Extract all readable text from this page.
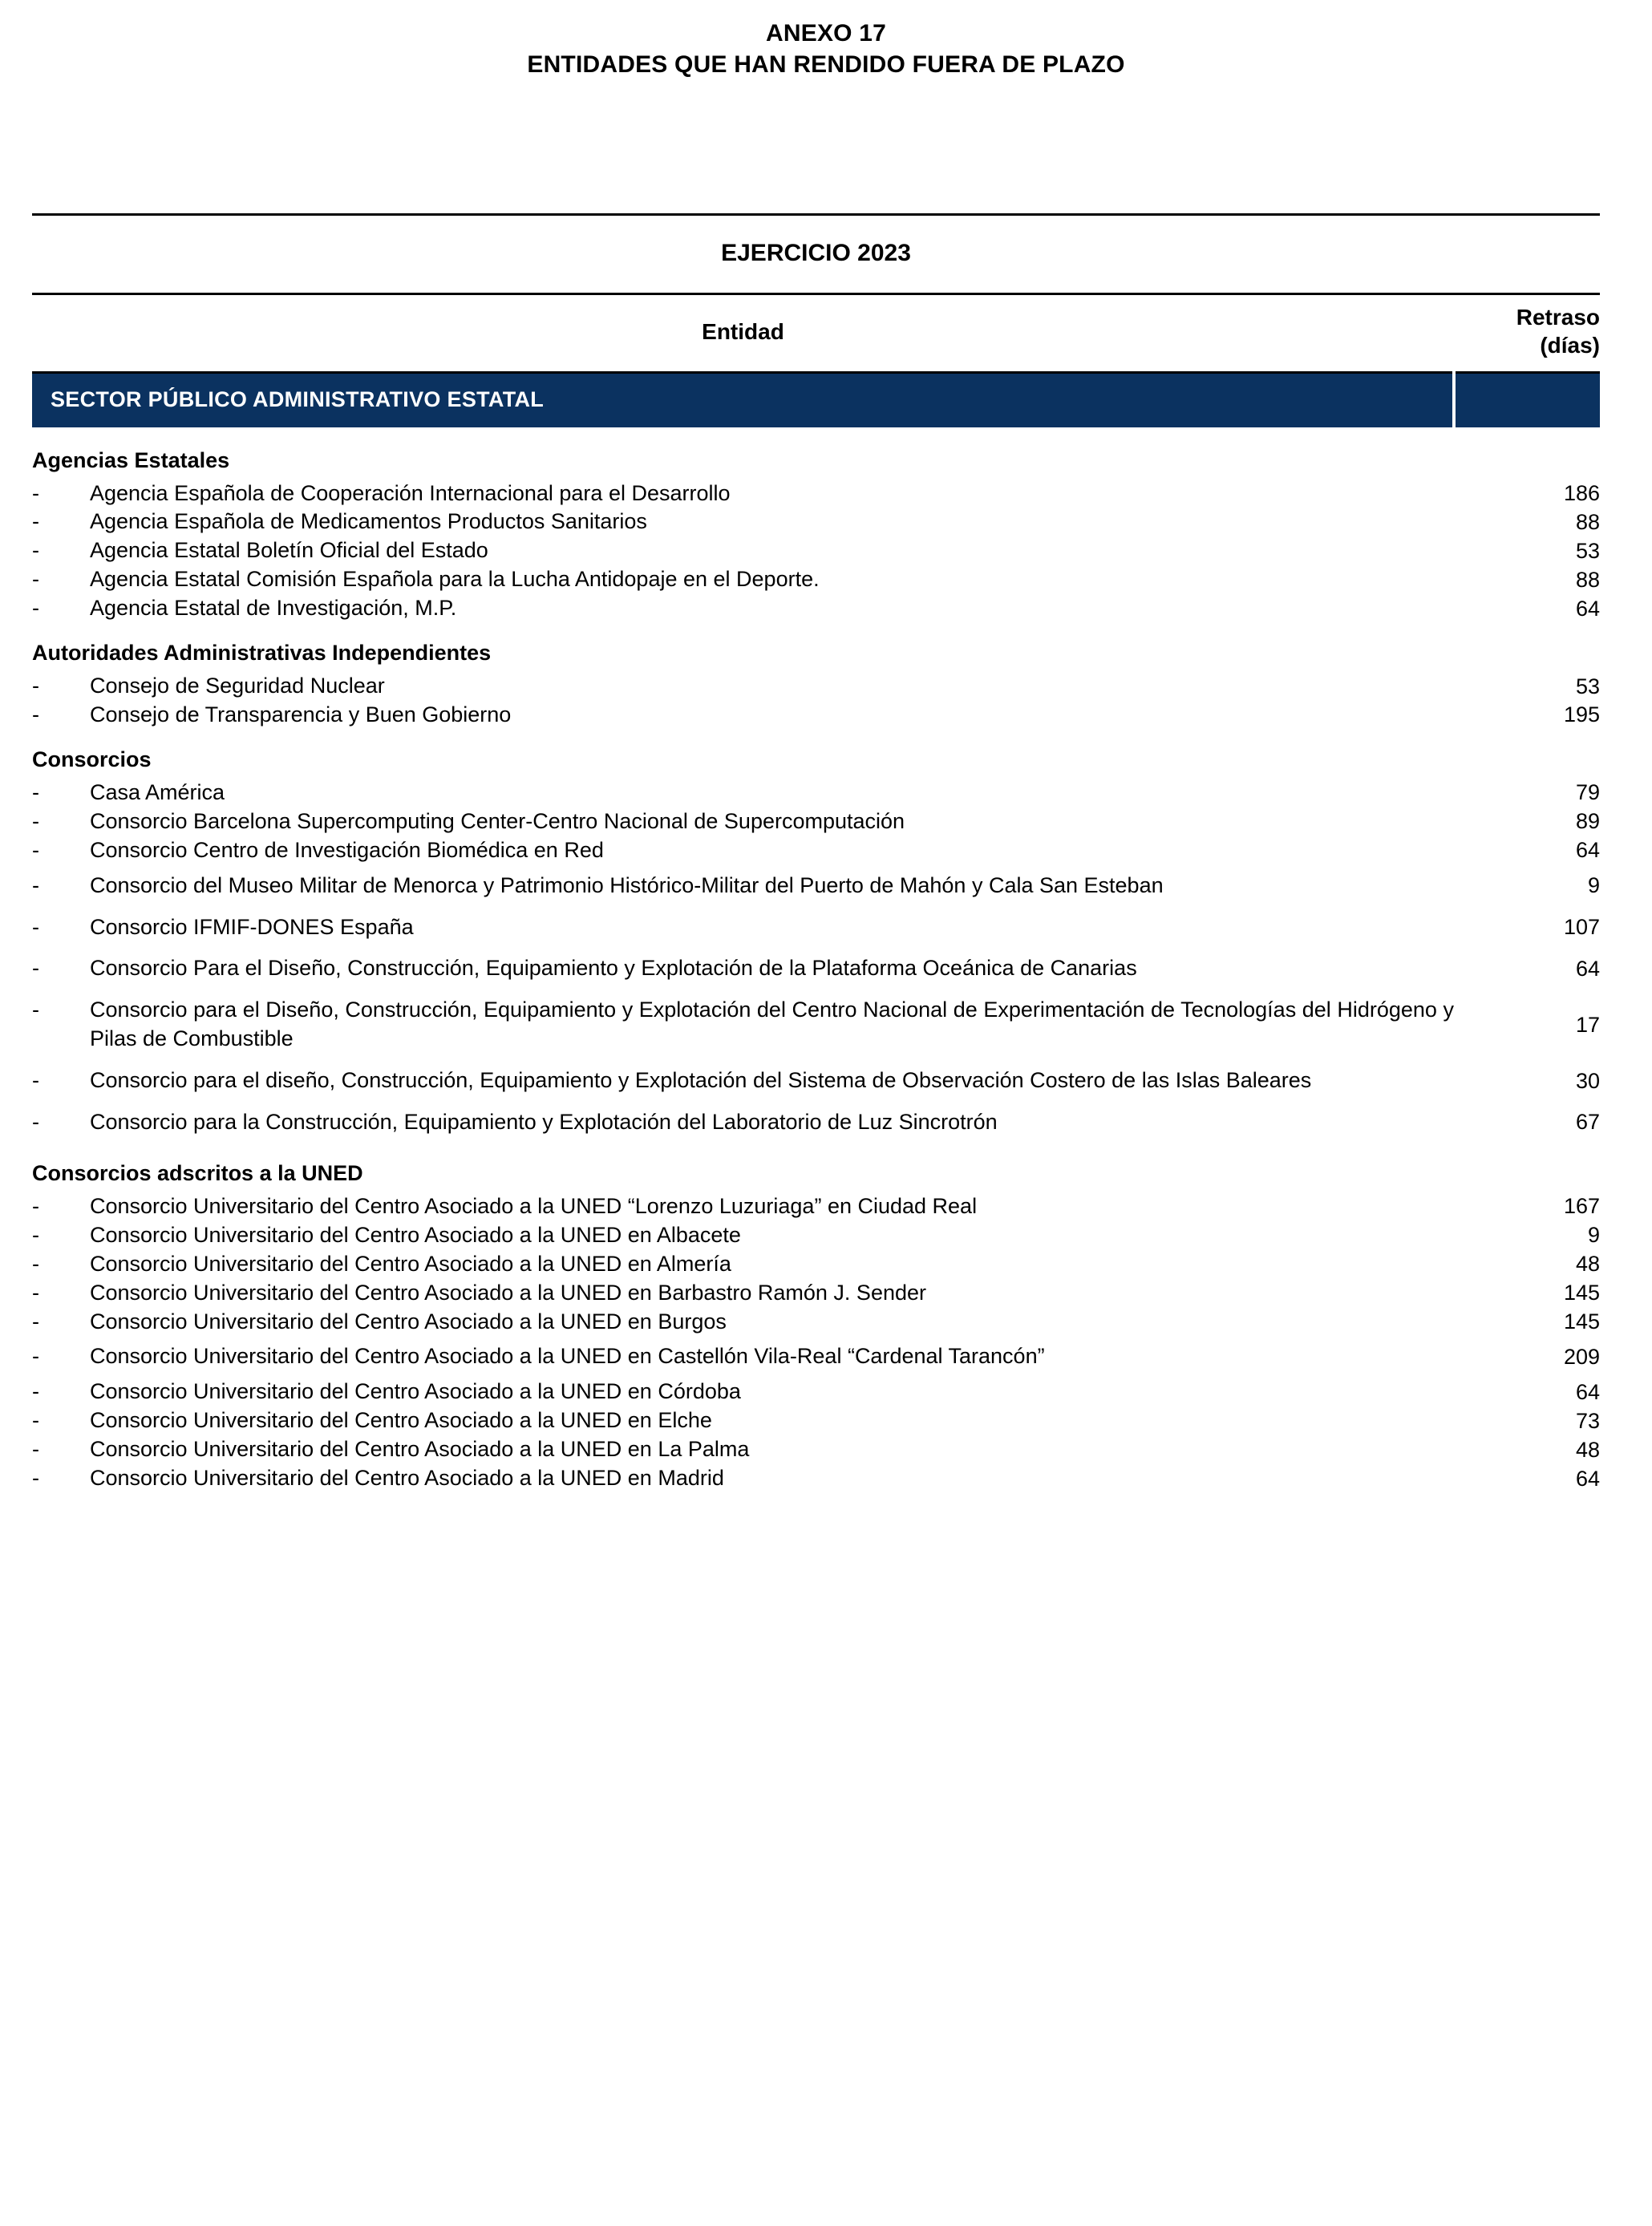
ANEXO 17
ENTIDADES QUE HAN RENDIDO FUERA DE PLAZO
EJERCICIO 2023
Entidad	Retraso
(días)

SECTOR PÚBLICO ADMINISTRATIVO ESTATAL	
Agencias Estatales	

- Agencia Española de Cooperación Internacional para el Desarrollo	186

- Agencia Española de Medicamentos Productos Sanitarios	88

- Agencia Estatal Boletín Oficial del Estado	53

- Agencia Estatal Comisión Española para la Lucha Antidopaje en el Deporte.	88

- Agencia Estatal de Investigación, M.P.	64
Autoridades Administrativas Independientes	

- Consejo de Seguridad Nuclear	53

- Consejo de Transparencia y Buen Gobierno	195
Consorcios	

- Casa América	79

- Consorcio Barcelona Supercomputing Center-Centro Nacional de Supercomputación	89

- Consorcio Centro de Investigación Biomédica en Red	64

- Consorcio del Museo Militar de Menorca y Patrimonio Histórico-Militar del Puerto de Mahón y Cala San Esteban	9

- Consorcio IFMIF-DONES España	107

- Consorcio Para el Diseño, Construcción, Equipamiento y Explotación de la Plataforma Oceánica de Canarias	64

- Consorcio para el Diseño, Construcción, Equipamiento y Explotación del Centro Nacional de Experimentación de Tecnologías del Hidrógeno y Pilas de Combustible	17

- Consorcio para el diseño, Construcción, Equipamiento y Explotación del Sistema de Observación Costero de las Islas Baleares	30

- Consorcio para la Construcción, Equipamiento y Explotación del Laboratorio de Luz Sincrotrón	67
Consorcios adscritos a la UNED	

- Consorcio Universitario del Centro Asociado a la UNED “Lorenzo Luzuriaga” en Ciudad Real	167

- Consorcio Universitario del Centro Asociado a la UNED en Albacete	9

- Consorcio Universitario del Centro Asociado a la UNED en Almería	48

- Consorcio Universitario del Centro Asociado a la UNED en Barbastro Ramón J. Sender	145

- Consorcio Universitario del Centro Asociado a la UNED en Burgos	145

- Consorcio Universitario del Centro Asociado a la UNED en Castellón Vila-Real “Cardenal Tarancón”	209

- Consorcio Universitario del Centro Asociado a la UNED en Córdoba	64

- Consorcio Universitario del Centro Asociado a la UNED en Elche	73

- Consorcio Universitario del Centro Asociado a la UNED en La Palma	48

- Consorcio Universitario del Centro Asociado a la UNED en Madrid	64
